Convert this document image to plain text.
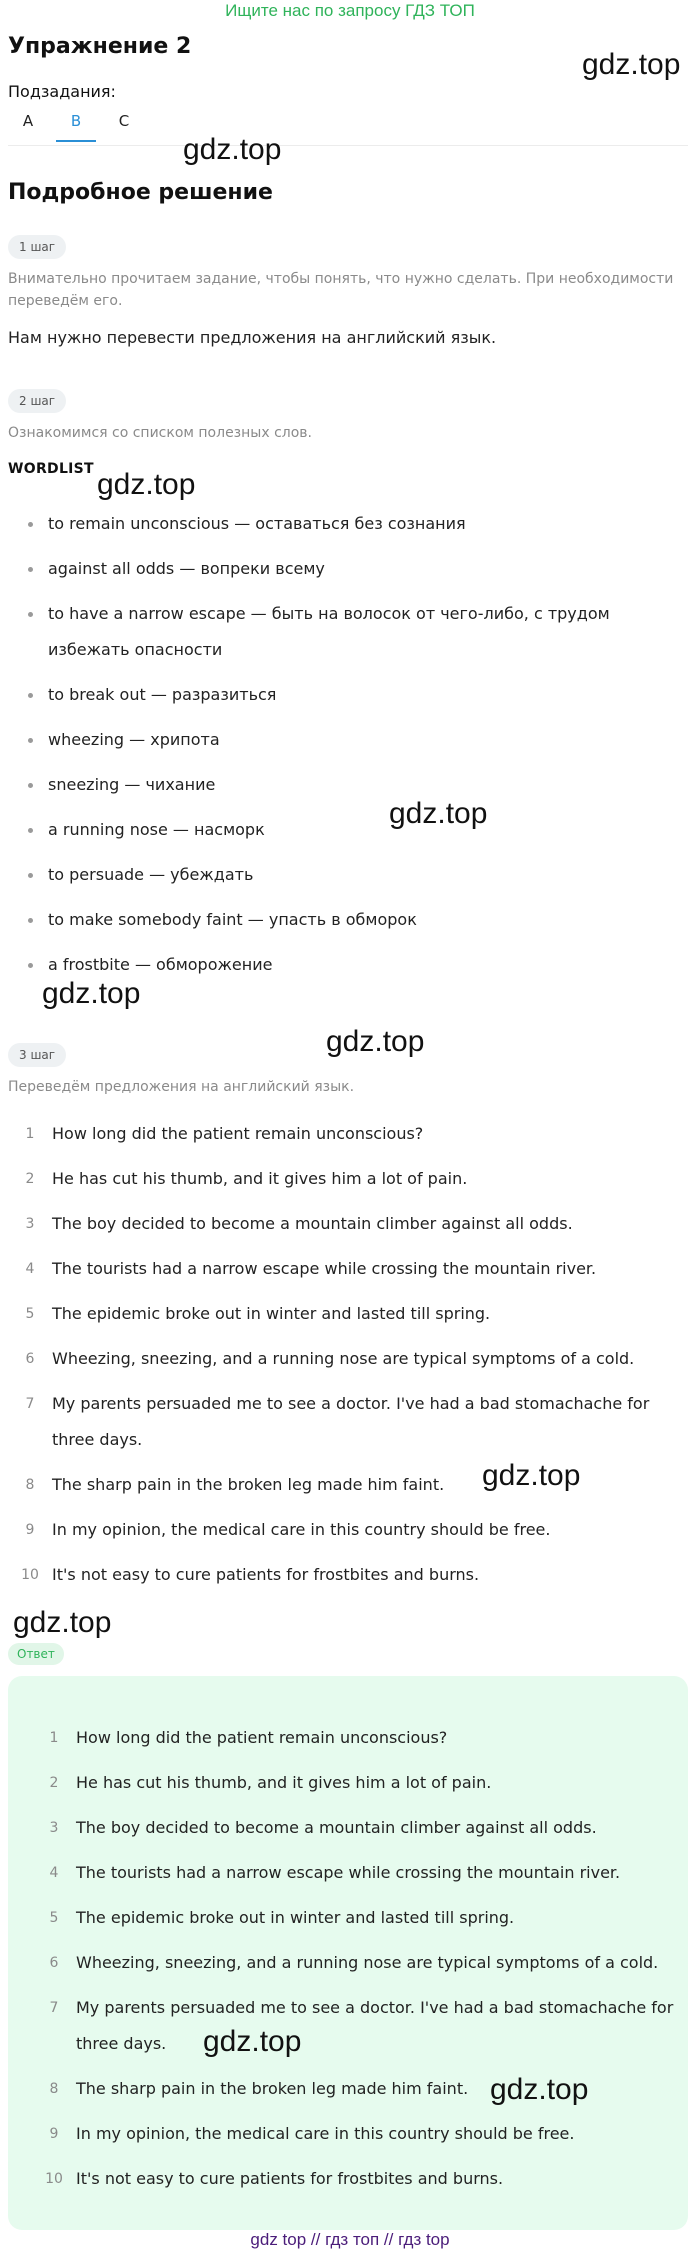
Ищите нас по запросу ГДЗ ТОП
Упражнение 2
Подзадания:
A	B	C
Подробное решение
1 шаг
Внимательно прочитаем задание, чтобы понять, что нужно сделать. При необходимости переведём его.
Нам нужно перевести предложения на английский язык.
2 шаг
Ознакомимся со списком полезных слов.
WORDLIST
to remain unconscious — оставаться без сознания
against all odds — вопреки всему
to have a narrow escape — быть на волосок от чего-либо, с трудом избежать опасности
to break out — разразиться
wheezing — хрипота
sneezing — чихание
a running nose — насморк
to persuade — убеждать
to make somebody faint — упасть в обморок
a frostbite — обморожение
3 шаг
Переведём предложения на английский язык.
1	How long did the patient remain unconscious?
2	He has cut his thumb, and it gives him a lot of pain.
3	The boy decided to become a mountain climber against all odds.
4	The tourists had a narrow escape while crossing the mountain river.
5	The epidemic broke out in winter and lasted till spring.
6	Wheezing, sneezing, and a running nose are typical symptoms of a cold.
7	My parents persuaded me to see a doctor. I've had a bad stomachache for three days.
8	The sharp pain in the broken leg made him faint.
9	In my opinion, the medical care in this country should be free.
10 It's not easy to cure patients for frostbites and burns.
Ответ
1	How long did the patient remain unconscious?
2	He has cut his thumb, and it gives him a lot of pain.
3	The boy decided to become a mountain climber against all odds.
4	The tourists had a narrow escape while crossing the mountain river.
5	The epidemic broke out in winter and lasted till spring.
6	Wheezing, sneezing, and a running nose are typical symptoms of a cold.
7	My parents persuaded me to see a doctor. I've had a bad stomachache for three days.
8	The sharp pain in the broken leg made him faint.
9	In my opinion, the medical care in this country should be free.
10 It's not easy to cure patients for frostbites and burns.
gdz.top
gdz.top
gdz.top
gdz.top
gdz.top
gdz.top
gdz.top
gdz.top
gdz.top
gdz.top
gdz top // гдз топ // гдз top
